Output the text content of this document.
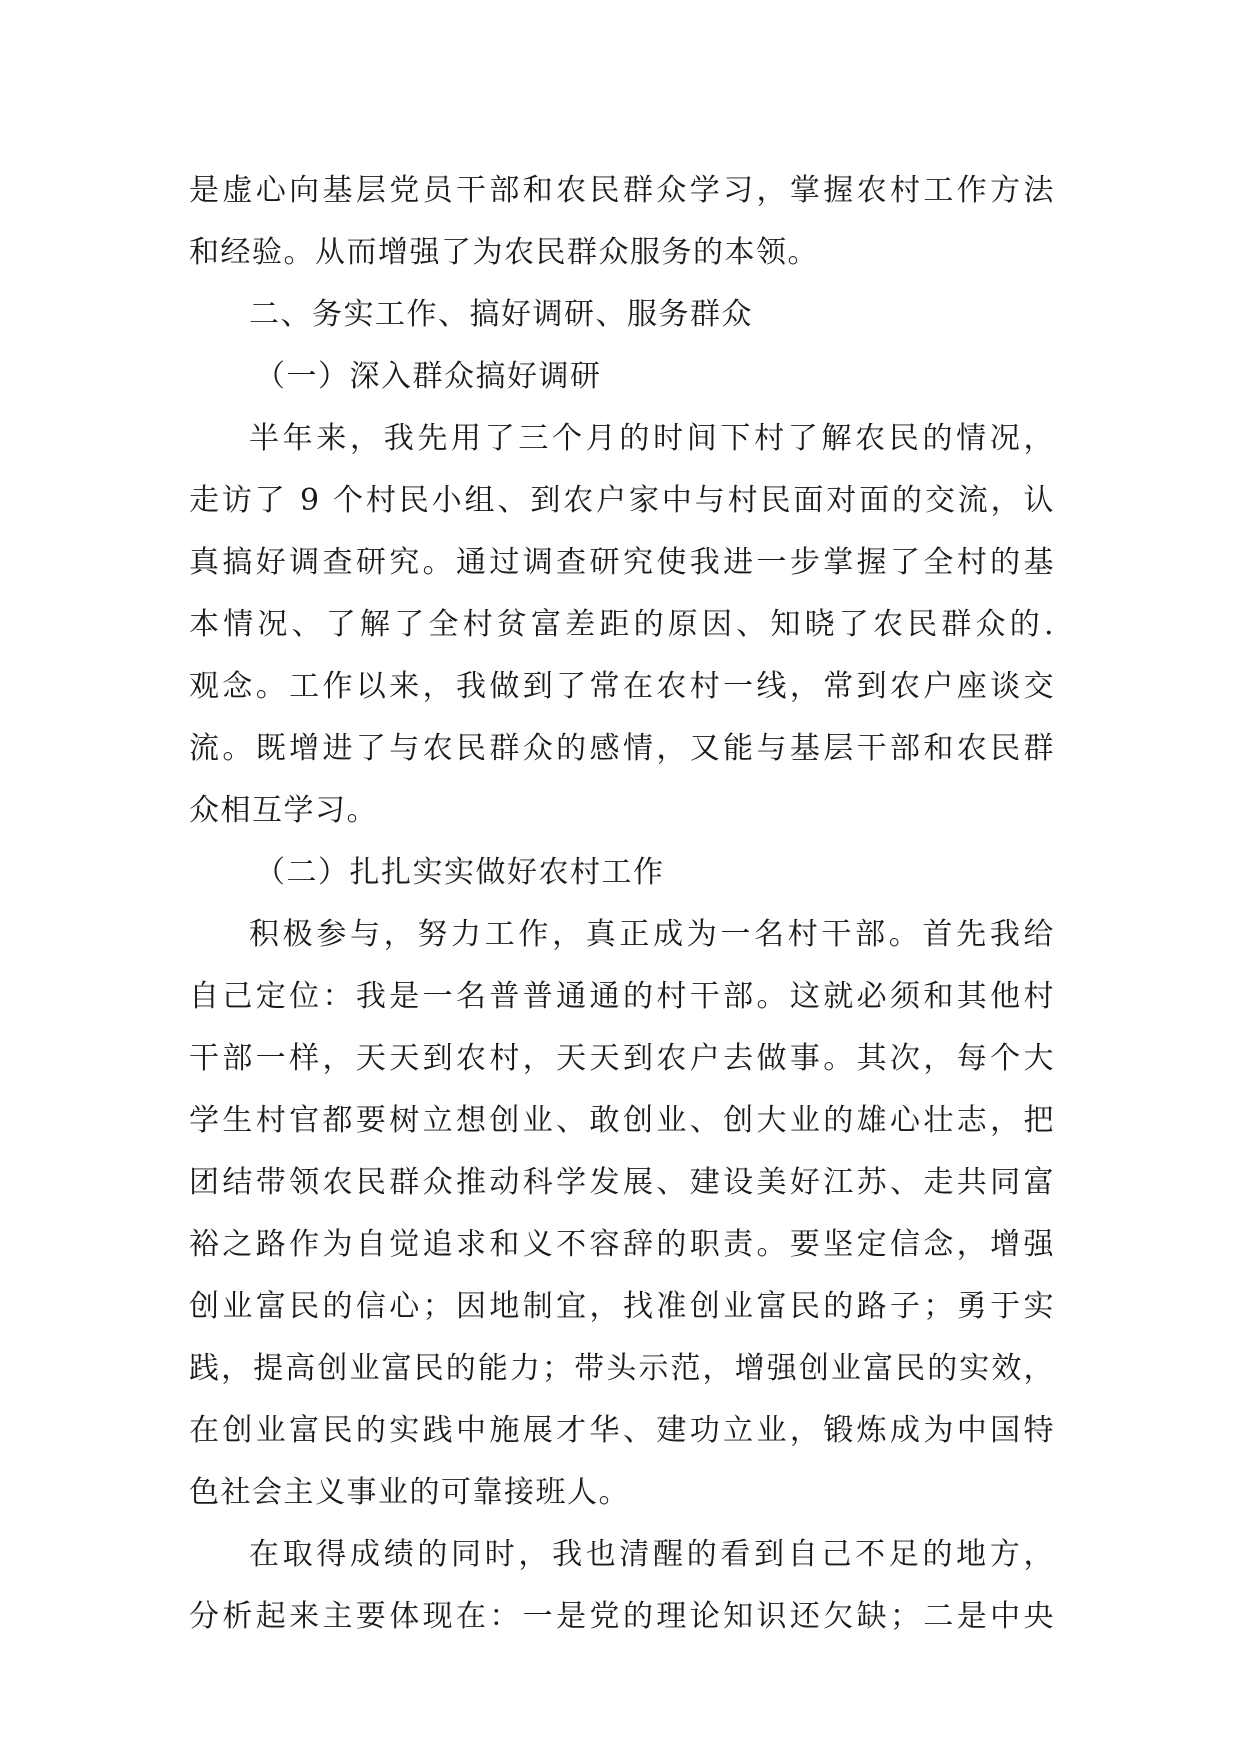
是虚心向基层党员干部和农民群众学习，掌握农村工作方法
和经验。从而增强了为农民群众服务的本领。
二、务实工作、搞好调研、服务群众
（一）深入群众搞好调研
半年来，我先用了三个月的时间下村了解农民的情况，
走访了 9 个村民小组、到农户家中与村民面对面的交流，认
真搞好调查研究。通过调查研究使我进一步掌握了全村的基
本情况、了解了全村贫富差距的原因、知晓了农民群众的.
观念。工作以来，我做到了常在农村一线，常到农户座谈交
流。既增进了与农民群众的感情，又能与基层干部和农民群
众相互学习。
（二）扎扎实实做好农村工作
积极参与，努力工作，真正成为一名村干部。首先我给
自己定位：我是一名普普通通的村干部。这就必须和其他村
干部一样，天天到农村，天天到农户去做事。其次，每个大
学生村官都要树立想创业、敢创业、创大业的雄心壮志，把
团结带领农民群众推动科学发展、建设美好江苏、走共同富
裕之路作为自觉追求和义不容辞的职责。要坚定信念，增强
创业富民的信心；因地制宜，找准创业富民的路子；勇于实
践，提高创业富民的能力；带头示范，增强创业富民的实效，
在创业富民的实践中施展才华、建功立业，锻炼成为中国特
色社会主义事业的可靠接班人。
在取得成绩的同时，我也清醒的看到自己不足的地方，
分析起来主要体现在：一是党的理论知识还欠缺；二是中央
